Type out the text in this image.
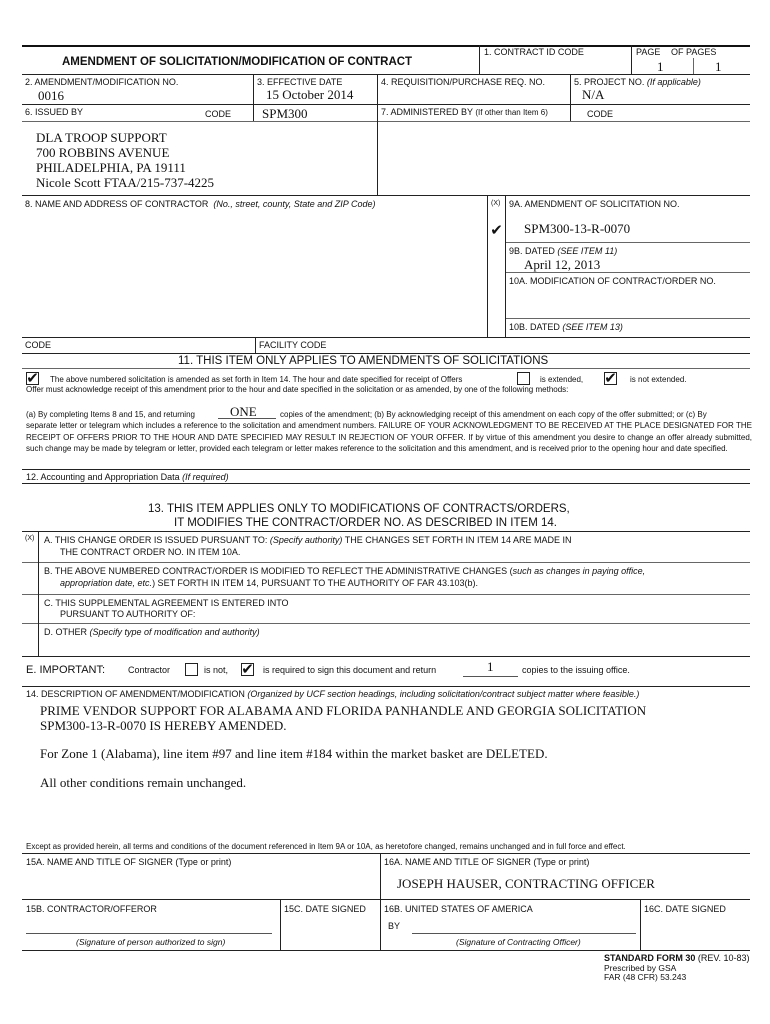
AMENDMENT OF SOLICITATION/MODIFICATION OF CONTRACT
1. CONTRACT ID CODE	PAGE OF PAGES
1	1
2. AMENDMENT/MODIFICATION NO.
0016
3. EFFECTIVE DATE
15 October 2014
4. REQUISITION/PURCHASE REQ. NO.	5. PROJECT NO. (If applicable)
N/A
6. ISSUED BY	CODE SPM300	7. ADMINISTERED BY (If other than Item 6)	CODE
DLA TROOP SUPPORT
700 ROBBINS AVENUE
PHILADELPHIA, PA 19111
Nicole Scott FTAA/215-737-4225
8. NAME AND ADDRESS OF CONTRACTOR (No., street, county, State and ZIP Code)	(X) 9A. AMENDMENT OF SOLICITATION NO.
✔ SPM300-13-R-0070
9B. DATED (SEE ITEM 11)
April 12, 2013
10A. MODIFICATION OF CONTRACT/ORDER NO.
10B. DATED (SEE ITEM 13)
CODE	FACILITY CODE
11. THIS ITEM ONLY APPLIES TO AMENDMENTS OF SOLICITATIONS
✔ The above numbered solicitation is amended as set forth in Item 14. The hour and date specified for receipt of Offers	is extended, ✔ is not extended.
Offer must acknowledge receipt of this amendment prior to the hour and date specified in the solicitation or as amended, by one of the following methods:
(a) By completing Items 8 and 15, and returning	ONE	copies of the amendment; (b) By acknowledging receipt of this amendment on each copy of the offer submitted; or (c) By
separate letter or telegram which includes a reference to the solicitation and amendment numbers. FAILURE OF YOUR ACKNOWLEDGMENT TO BE RECEIVED AT THE PLACE DESIGNATED FOR THE RECEIPT OF OFFERS PRIOR TO THE HOUR AND DATE SPECIFIED MAY RESULT IN REJECTION OF YOUR OFFER. If by virtue of this amendment you desire to change an offer already submitted, such change may be made by telegram or letter, provided each telegram or letter makes reference to the solicitation and this amendment, and is received prior to the opening hour and date specified.
12. Accounting and Appropriation Data (If required)
13. THIS ITEM APPLIES ONLY TO MODIFICATIONS OF CONTRACTS/ORDERS,
IT MODIFIES THE CONTRACT/ORDER NO. AS DESCRIBED IN ITEM 14.
(X) A. THIS CHANGE ORDER IS ISSUED PURSUANT TO: (Specify authority) THE CHANGES SET FORTH IN ITEM 14 ARE MADE IN
THE CONTRACT ORDER NO. IN ITEM 10A.
B. THE ABOVE NUMBERED CONTRACT/ORDER IS MODIFIED TO REFLECT THE ADMINISTRATIVE CHANGES (such as changes in paying office,
appropriation date, etc.) SET FORTH IN ITEM 14, PURSUANT TO THE AUTHORITY OF FAR 43.103(b).
C. THIS SUPPLEMENTAL AGREEMENT IS ENTERED INTO
PURSUANT TO AUTHORITY OF:
D. OTHER (Specify type of modification and authority)
E. IMPORTANT:	Contractor	is not, ✔ is required to sign this document and return	1	copies to the issuing office.
14. DESCRIPTION OF AMENDMENT/MODIFICATION (Organized by UCF section headings, including solicitation/contract subject matter where feasible.)
PRIME VENDOR SUPPORT FOR ALABAMA AND FLORIDA PANHANDLE AND GEORGIA SOLICITATION
SPM300-13-R-0070 IS HEREBY AMENDED.
For Zone 1 (Alabama), line item #97 and line item #184 within the market basket are DELETED.
All other conditions remain unchanged.
Except as provided herein, all terms and conditions of the document referenced in Item 9A or 10A, as heretofore changed, remains unchanged and in full force and effect.
15A. NAME AND TITLE OF SIGNER (Type or print)	16A. NAME AND TITLE OF SIGNER (Type or print)
JOSEPH HAUSER, CONTRACTING OFFICER
15B. CONTRACTOR/OFFEROR	15C. DATE SIGNED 16B. UNITED STATES OF AMERICA	16C. DATE SIGNED
BY
(Signature of person authorized to sign)	(Signature of Contracting Officer)
STANDARD FORM 30 (REV. 10-83)
Prescribed by GSA
FAR (48 CFR) 53.243
